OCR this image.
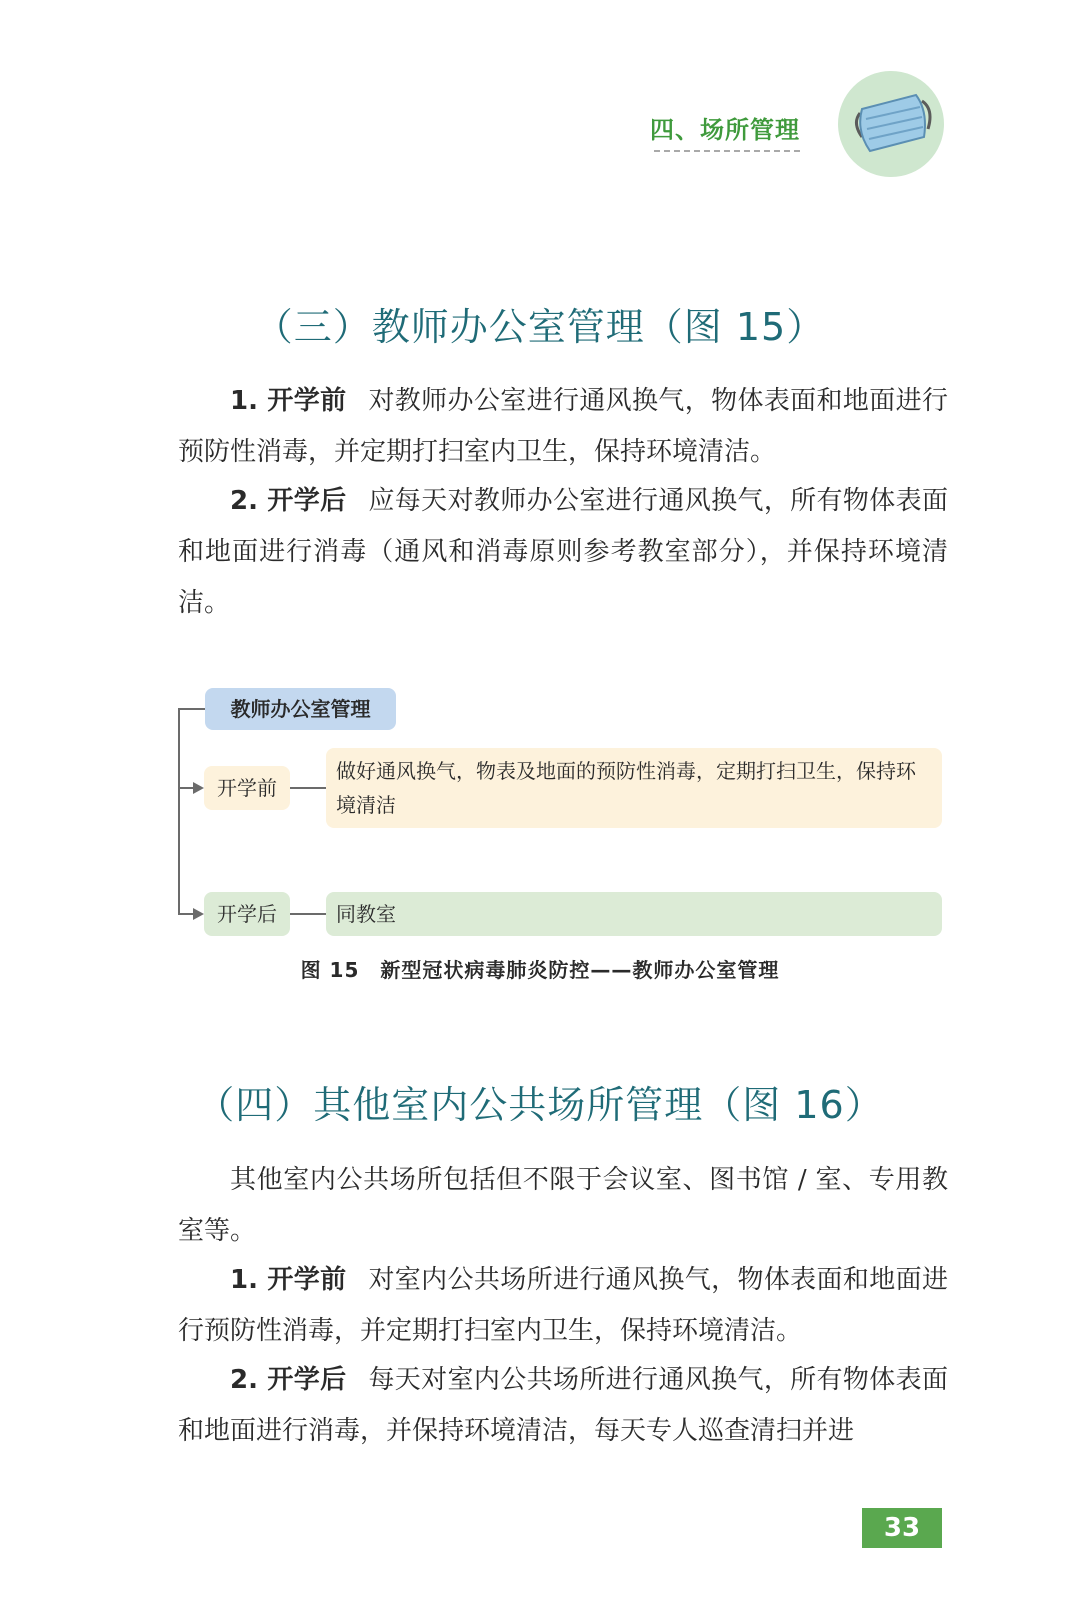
四、场所管理
（三）教师办公室管理（图 15）
1. 开学前 对教师办公室进行通风换气，物体表面和地面进行预防性消毒，并定期打扫室内卫生，保持环境清洁。
2. 开学后 应每天对教师办公室进行通风换气，所有物体表面和地面进行消毒（通风和消毒原则参考教室部分），并保持环境清洁。
教师办公室管理
开学前
做好通风换气，物表及地面的预防性消毒，定期打扫卫生，保持环境清洁
开学后	同教室
图 15　新型冠状病毒肺炎防控——教师办公室管理
（四）其他室内公共场所管理（图 16）
其他室内公共场所包括但不限于会议室、图书馆 / 室、专用教室等。
1. 开学前 对室内公共场所进行通风换气，物体表面和地面进行预防性消毒，并定期打扫室内卫生，保持环境清洁。
2. 开学后 每天对室内公共场所进行通风换气，所有物体表面和地面进行消毒，并保持环境清洁，每天专人巡查清扫并进
33
